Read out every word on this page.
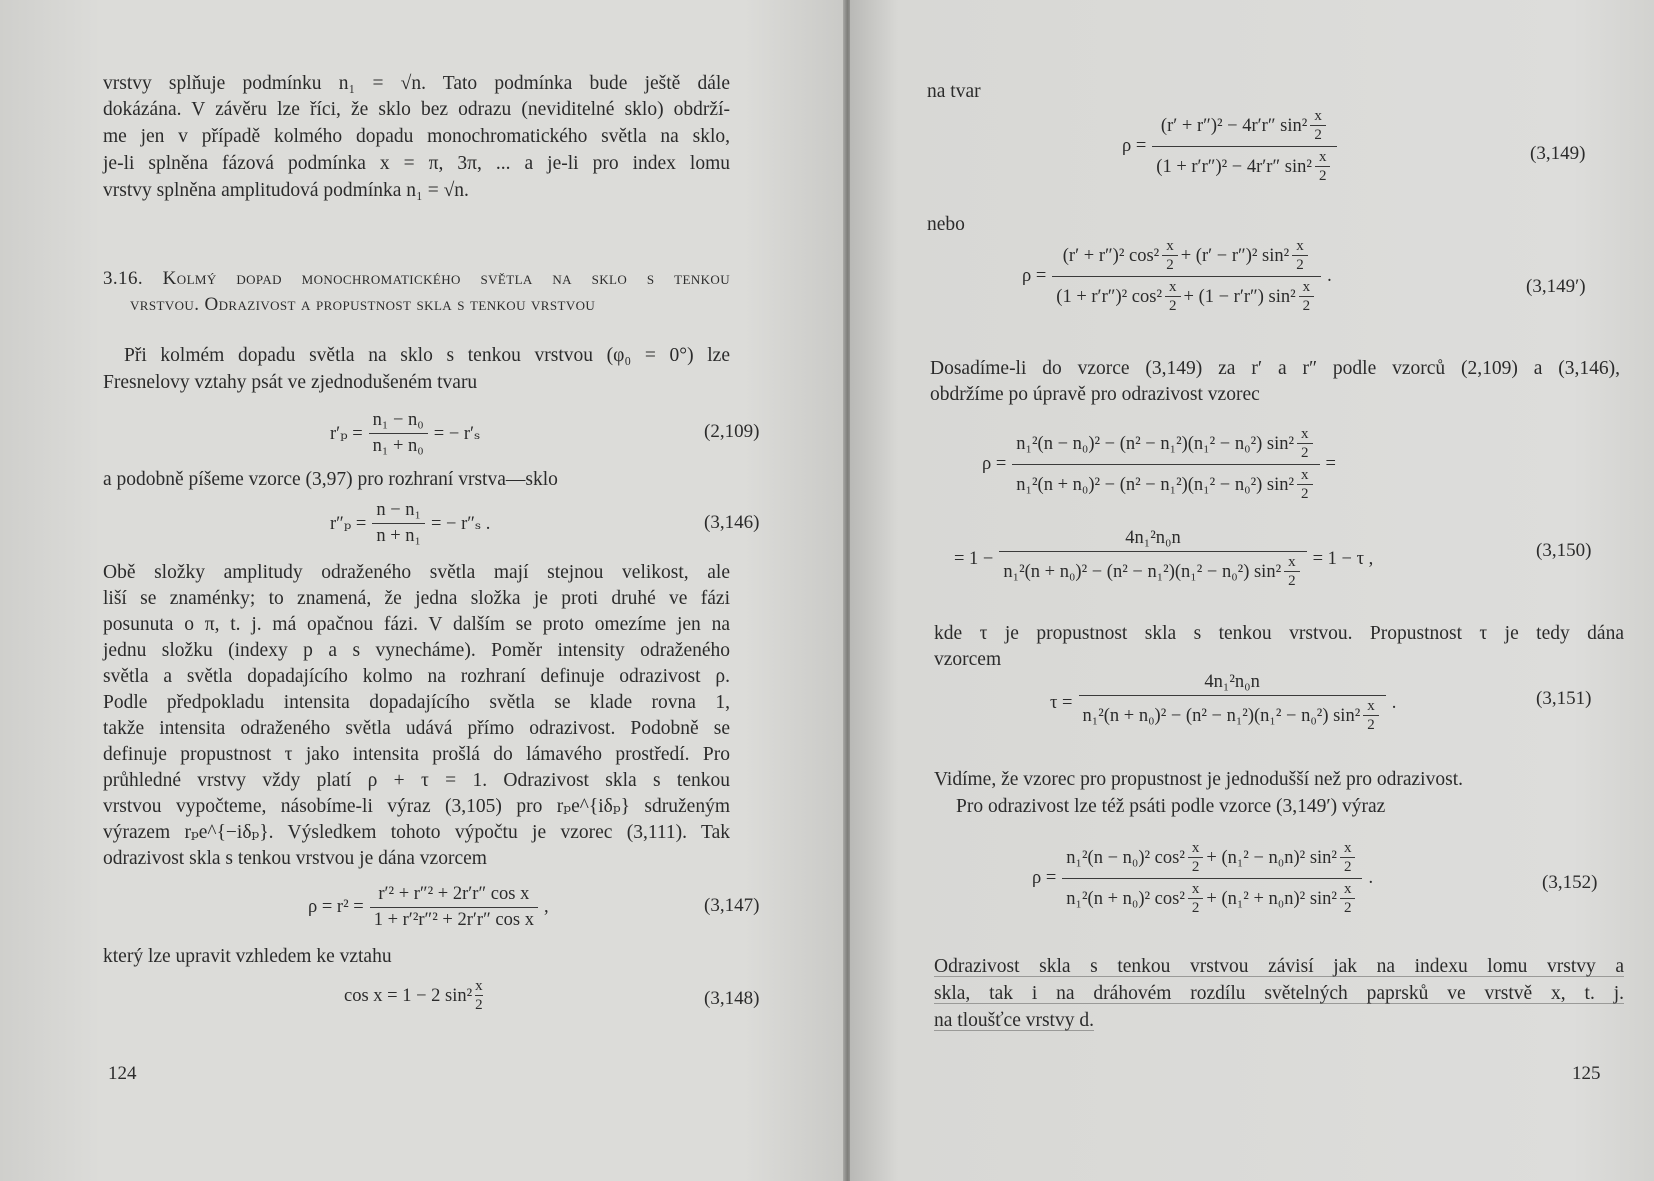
vrstvy splňuje podmínku n₁ = √n. Tato podmínka bude ještě dále
dokázána. V závěru lze říci, že sklo bez odrazu (neviditelné sklo) obdrží-
me jen v případě kolmého dopadu monochromatického světla na sklo,
je-li splněna fázová podmínka x = π, 3π, ... a je-li pro index lomu
vrstvy splněna amplitudová podmínka n₁ = √n.
3.16. Kolmý dopad monochromatického světla na sklo s tenkou
vrstvou. Odrazivost a propustnost skla s tenkou vrstvou
Při kolmém dopadu světla na sklo s tenkou vrstvou (φ₀ = 0°) lze
Fresnelovy vztahy psát ve zjednodušeném tvaru
$r'_p = \frac{\text{n₁ − n₀}}{\text{n₁ + n₀}}$ = − r′ₛ	(2,109)
a podobně píšeme vzorce (3,97) pro rozhraní vrstva—sklo
$r''_p = \frac{\text{n − n₁}}{\text{n + n₁}}$ = − r″ₛ .	(3,146)
Obě složky amplitudy odraženého světla mají stejnou velikost, ale
liší se znaménky; to znamená, že jedna složka je proti druhé ve fázi
posunuta o π, t. j. má opačnou fázi. V dalším se proto omezíme jen na
jednu složku (indexy p a s vynecháme). Poměr intensity odraženého
světla a světla dopadajícího kolmo na rozhraní definuje odrazivost ρ.
Podle předpokladu intensita dopadajícího světla se klade rovna 1,
takže intensita odraženého světla udává přímo odrazivost. Podobně se
definuje propustnost τ jako intensita prošlá do lámavého prostředí. Pro
průhledné vrstvy vždy platí ρ + τ = 1. Odrazivost skla s tenkou
vrstvou vypočteme, násobíme-li výraz (3,105) pro rₚe^{iδₚ} sdruženým
výrazem rₚe^{−iδₚ}. Výsledkem tohoto výpočtu je vzorec (3,111). Tak
odrazivost skla s tenkou vrstvou je dána vzorcem
$\rho = r^2 = \frac{\text{r′² + r″² + 2r′r″ cos x}}{\text{1 + r′²r″² + 2r′r″ cos x}}$ ,	(3,147)
který lze upravit vzhledem ke vztahu
cos x = 1 − 2 $\sin^2 \frac{x}{2}$	(3,148)
124
na tvar
ρ = (r′ + r″)² − 4r′r″ sin² x
2
(1 + r′r″)² − 4r′r″ sin² x
2	(3,149)
nebo
ρ =
(r′ + r″)² cos² x
2 + (r′ − r″)² sin² x
2
(1 + r′r″)² cos² x
2 + (1 − r′r″) sin² x
2
.	(3,149′)
Dosadíme-li do vzorce (3,149) za r′ a r″ podle vzorců (2,109) a (3,146),
obdržíme po úpravě pro odrazivost vzorec
ρ = n₁²(n − n₀)² − (n² − n₁²)(n₁² − n₀²) sin² x
2
n₁²(n + n₀)² − (n² − n₁²)(n₁² − n₀²) sin² x
2 =
= 1 − 4n₁²n₀n
n₁²(n + n₀)² − (n² − n₁²)(n₁² − n₀²) sin² x
2 = 1 − τ ,	(3,150)
kde τ je propustnost skla s tenkou vrstvou. Propustnost τ je tedy dána
vzorcem
τ = 4n₁²n₀n
n₁²(n + n₀)² − (n² − n₁²)(n₁² − n₀²) sin² x
2 .	(3,151)
Vidíme, že vzorec pro propustnost je jednodušší než pro odrazivost.
Pro odrazivost lze též psáti podle vzorce (3,149′) výraz
ρ =
n₁²(n − n₀)² cos² x
2 + (n₁² − n₀n)² sin² x
2
n₁²(n + n₀)² cos² x
2 + (n₁² + n₀n)² sin² x
2
.	(3,152)
Odrazivost skla s tenkou vrstvou závisí jak na indexu lomu vrstvy a
skla, tak i na dráhovém rozdílu světelných paprsků ve vrstvě x, t. j.
na tloušťce vrstvy d.
125
